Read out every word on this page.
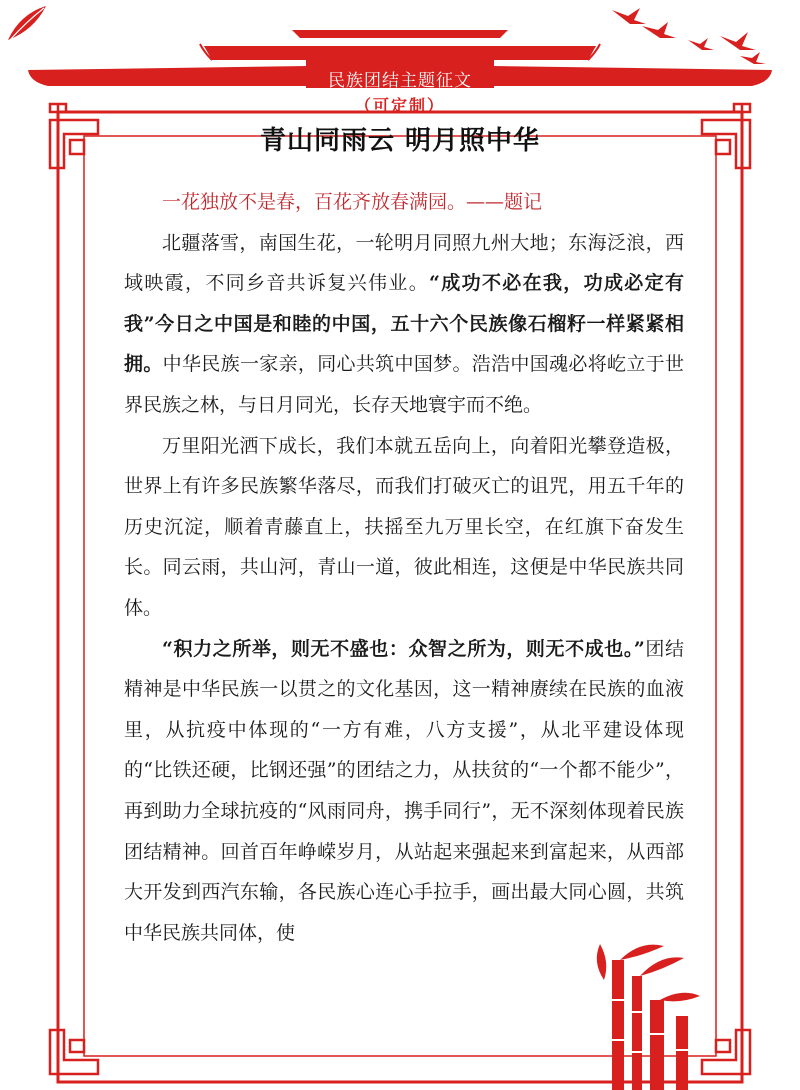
民族团结主题征文
（可定制）
青山同雨云 明月照中华

一花独放不是春，百花齐放春满园。——题记

北疆落雪，南国生花，一轮明月同照九州大地；东海泛浪，西域映霞，不同乡音共诉复兴伟业。“成功不必在我，功成必定有我”今日之中国是和睦的中国，五十六个民族像石榴籽一样紧紧相拥。中华民族一家亲，同心共筑中国梦。浩浩中国魂必将屹立于世界民族之林，与日月同光，长存天地寰宇而不绝。

万里阳光洒下成长，我们本就五岳向上，向着阳光攀登造极，世界上有许多民族繁华落尽，而我们打破灭亡的诅咒，用五千年的历史沉淀，顺着青藤直上，扶摇至九万里长空，在红旗下奋发生长。同云雨，共山河，青山一道，彼此相连，这便是中华民族共同体。

“积力之所举，则无不盛也：众智之所为，则无不成也。”团结精神是中华民族一以贯之的文化基因，这一精神赓续在民族的血液里，从抗疫中体现的“一方有难，八方支援”，从北平建设体现的“比铁还硬，比钢还强”的团结之力，从扶贫的“一个都不能少”，再到助力全球抗疫的“风雨同舟，携手同行”，无不深刻体现着民族团结精神。回首百年峥嵘岁月，从站起来强起来到富起来，从西部大开发到西汽东输，各民族心连心手拉手，画出最大同心圆，共筑中华民族共同体，使
